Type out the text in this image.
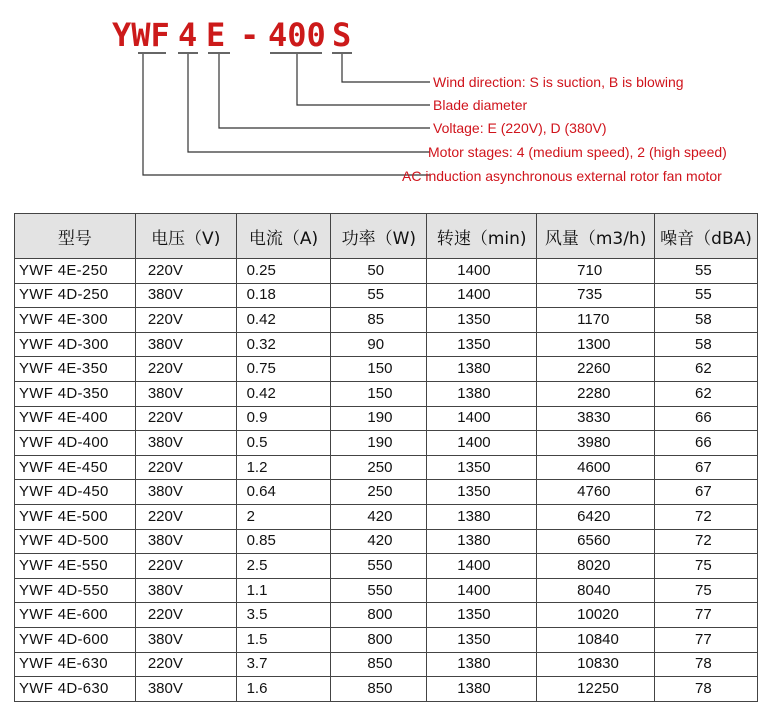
YWF 4 E - 400 S
Wind direction: S is suction, B is blowing
Blade diameter
Voltage: E (220V), D (380V)
Motor stages: 4 (medium speed), 2 (high speed)
AC induction asynchronous external rotor fan motor
型号	电压（V)	电流（A)	功率（W)	转速（min)	风量（m3/h)	噪音（dBA)
YWF 4E-250	220V	0.25	50	1400	710	55
YWF 4D-250	380V	0.18	55	1400	735	55
YWF 4E-300	220V	0.42	85	1350	1170	58
YWF 4D-300	380V	0.32	90	1350	1300	58
YWF 4E-350	220V	0.75	150	1380	2260	62
YWF 4D-350	380V	0.42	150	1380	2280	62
YWF 4E-400	220V	0.9	190	1400	3830	66
YWF 4D-400	380V	0.5	190	1400	3980	66
YWF 4E-450	220V	1.2	250	1350	4600	67
YWF 4D-450	380V	0.64	250	1350	4760	67
YWF 4E-500	220V	2	420	1380	6420	72
YWF 4D-500	380V	0.85	420	1380	6560	72
YWF 4E-550	220V	2.5	550	1400	8020	75
YWF 4D-550	380V	1.1	550	1400	8040	75
YWF 4E-600	220V	3.5	800	1350	10020	77
YWF 4D-600	380V	1.5	800	1350	10840	77
YWF 4E-630	220V	3.7	850	1380	10830	78
YWF 4D-630	380V	1.6	850	1380	12250	78
